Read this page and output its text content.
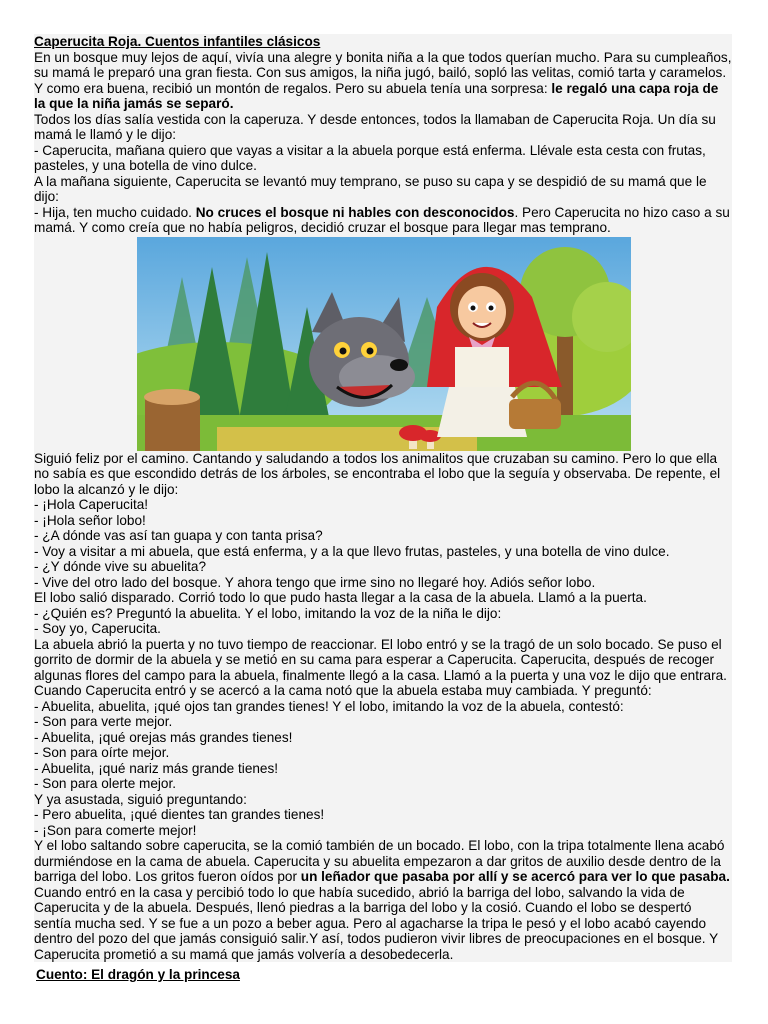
Caperucita Roja. Cuentos infantiles clásicos

En un bosque muy lejos de aquí, vivía una alegre y bonita niña a la que todos querían mucho. Para su cumpleaños, su mamá le preparó una gran fiesta. Con sus amigos, la niña jugó, bailó, sopló las velitas, comió tarta y caramelos. Y como era buena, recibió un montón de regalos. Pero su abuela tenía una sorpresa: le regaló una capa roja de la que la niña jamás se separó.

Todos los días salía vestida con la caperuza. Y desde entonces, todos la llamaban de Caperucita Roja. Un día su mamá le llamó y le dijo:

- Caperucita, mañana quiero que vayas a visitar a la abuela porque está enferma. Llévale esta cesta con frutas, pasteles, y una botella de vino dulce.

A la mañana siguiente, Caperucita se levantó muy temprano, se puso su capa y se despidió de su mamá que le dijo:

- Hija, ten mucho cuidado. No cruces el bosque ni hables con desconocidos. Pero Caperucita no hizo caso a su mamá. Y como creía que no había peligros, decidió cruzar el bosque para llegar mas temprano.

Siguió feliz por el camino. Cantando y saludando a todos los animalitos que cruzaban su camino. Pero lo que ella no sabía es que escondido detrás de los árboles, se encontraba el lobo que la seguía y observaba. De repente, el lobo la alcanzó y le dijo:

- ¡Hola Caperucita!

- ¡Hola señor lobo!

- ¿A dónde vas así tan guapa y con tanta prisa?

- Voy a visitar a mi abuela, que está enferma, y a la que llevo frutas, pasteles, y una botella de vino dulce.

- ¿Y dónde vive su abuelita?

- Vive del otro lado del bosque. Y ahora tengo que irme sino no llegaré hoy. Adiós señor lobo.

El lobo salió disparado. Corrió todo lo que pudo hasta llegar a la casa de la abuela. Llamó a la puerta.

- ¿Quién es? Preguntó la abuelita. Y el lobo, imitando la voz de la niña le dijo:

- Soy yo, Caperucita.

La abuela abrió la puerta y no tuvo tiempo de reaccionar. El lobo entró y se la tragó de un solo bocado. Se puso el gorrito de dormir de la abuela y se metió en su cama para esperar a Caperucita. Caperucita, después de recoger algunas flores del campo para la abuela, finalmente llegó a la casa. Llamó a la puerta y una voz le dijo que entrara. Cuando Caperucita entró y se acercó a la cama notó que la abuela estaba muy cambiada. Y preguntó:

- Abuelita, abuelita, ¡qué ojos tan grandes tienes! Y el lobo, imitando la voz de la abuela, contestó:

- Son para verte mejor.

- Abuelita, ¡qué orejas más grandes tienes!

- Son para oírte mejor.

- Abuelita, ¡qué nariz más grande tienes!

- Son para olerte mejor.

Y ya asustada, siguió preguntando:

- Pero abuelita, ¡qué dientes tan grandes tienes!

- ¡Son para comerte mejor!

Y el lobo saltando sobre caperucita, se la comió también de un bocado. El lobo, con la tripa totalmente llena acabó durmiéndose en la cama de abuela. Caperucita y su abuelita empezaron a dar gritos de auxilio desde dentro de la barriga del lobo. Los gritos fueron oídos por un leñador que pasaba por allí y se acercó para ver lo que pasaba.

Cuando entró en la casa y percibió todo lo que había sucedido, abrió la barriga del lobo, salvando la vida de Caperucita y de la abuela. Después, llenó piedras a la barriga del lobo y la cosió. Cuando el lobo se despertó sentía mucha sed. Y se fue a un pozo a beber agua. Pero al agacharse la tripa le pesó y el lobo acabó cayendo dentro del pozo del que jamás consiguió salir.Y así, todos pudieron vivir libres de preocupaciones en el bosque. Y Caperucita prometió a su mamá que jamás volvería a desobedecerla.

Cuento: El dragón y la princesa
